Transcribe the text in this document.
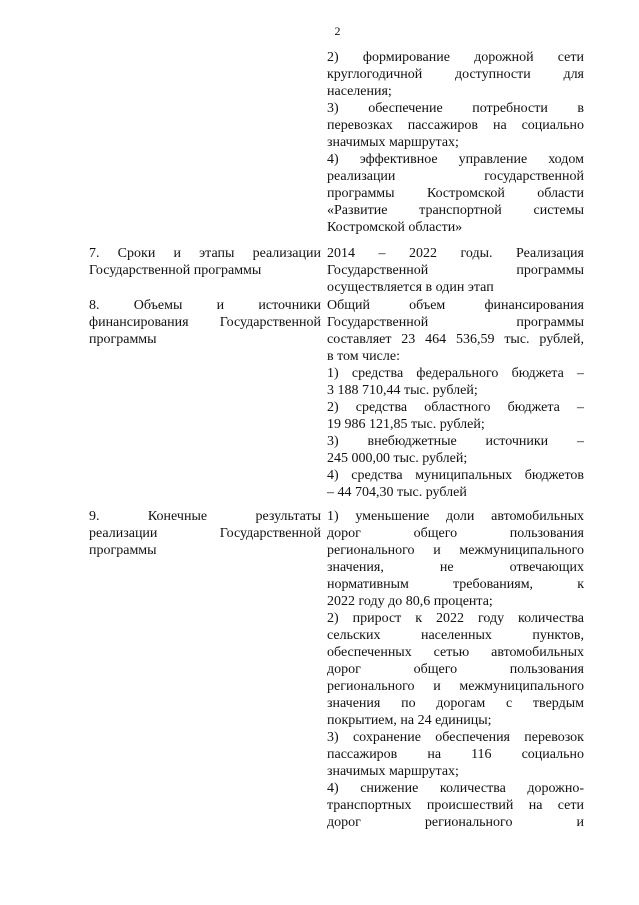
2
2) формирование дорожной сети
круглогодичной доступности для
населения;
3) обеспечение потребности в
перевозках пассажиров на социально
значимых маршрутах;
4) эффективное управление ходом
реализации государственной
программы Костромской области
«Развитие транспортной системы
Костромской области»
7. Сроки и этапы реализации
Государственной программы
2014 – 2022 годы. Реализация
Государственной программы
осуществляется в один этап
8. Объемы и источники
финансирования Государственной
программы
Общий объем финансирования
Государственной программы
составляет 23 464 536,59 тыс. рублей,
в том числе:
1) средства федерального бюджета –
3 188 710,44 тыс. рублей;
2) средства областного бюджета –
19 986 121,85 тыс. рублей;
3) внебюджетные источники –
245 000,00 тыс. рублей;
4) средства муниципальных бюджетов
– 44 704,30 тыс. рублей
9. Конечные результаты
реализации Государственной
программы
1) уменьшение доли автомобильных
дорог общего пользования
регионального и межмуниципального
значения, не отвечающих
нормативным требованиям, к
2022 году до 80,6 процента;
2) прирост к 2022 году количества
сельских населенных пунктов,
обеспеченных сетью автомобильных
дорог общего пользования
регионального и межмуниципального
значения по дорогам с твердым
покрытием, на 24 единицы;
3) сохранение обеспечения перевозок
пассажиров на 116 социально
значимых маршрутах;
4) снижение количества дорожно-
транспортных происшествий на сети
дорог регионального и
